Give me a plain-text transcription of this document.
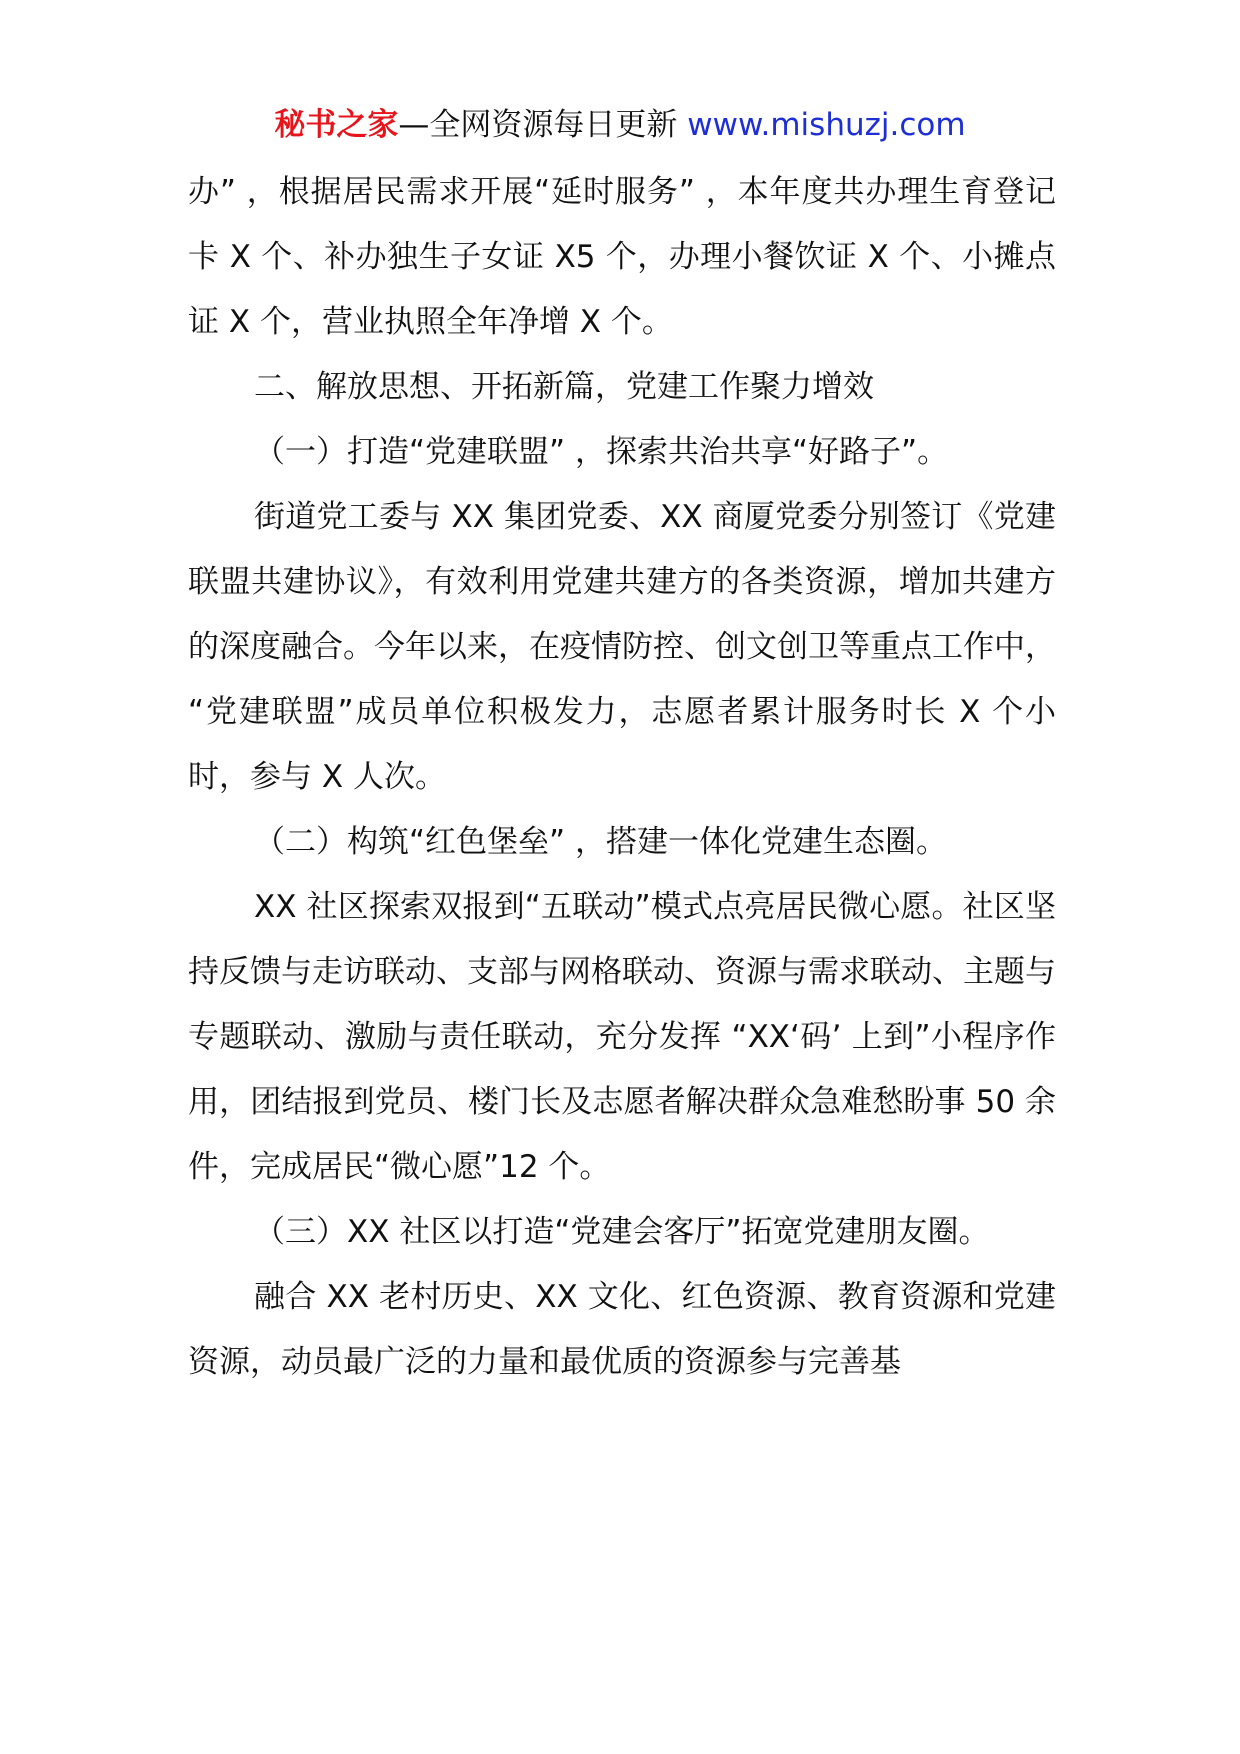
秘书之家—全网资源每日更新 www.mishuzj.com

办” ，根据居民需求开展“延时服务” ，本年度共办理生育登记卡 X 个、补办独生子女证 X5 个，办理小餐饮证 X 个、小摊点证 X 个，营业执照全年净增 X 个。

二、解放思想、开拓新篇，党建工作聚力增效

（一）打造“党建联盟” ，探索共治共享“好路子”。

街道党工委与 XX 集团党委、XX 商厦党委分别签订《党建联盟共建协议》，有效利用党建共建方的各类资源，增加共建方的深度融合。今年以来，在疫情防控、创文创卫等重点工作中， “党建联盟”成员单位积极发力，志愿者累计服务时长 X 个小时，参与 X 人次。

（二）构筑“红色堡垒” ，搭建一体化党建生态圈。

XX 社区探索双报到“五联动”模式点亮居民微心愿。社区坚持反馈与走访联动、支部与网格联动、资源与需求联动、主题与专题联动、激励与责任联动，充分发挥 “XX‘码’ 上到”小程序作用，团结报到党员、楼门长及志愿者解决群众急难愁盼事 50 余件，完成居民“微心愿”12 个。

（三）XX 社区以打造“党建会客厅”拓宽党建朋友圈。

融合 XX 老村历史、XX 文化、红色资源、教育资源和党建资源，动员最广泛的力量和最优质的资源参与完善基
